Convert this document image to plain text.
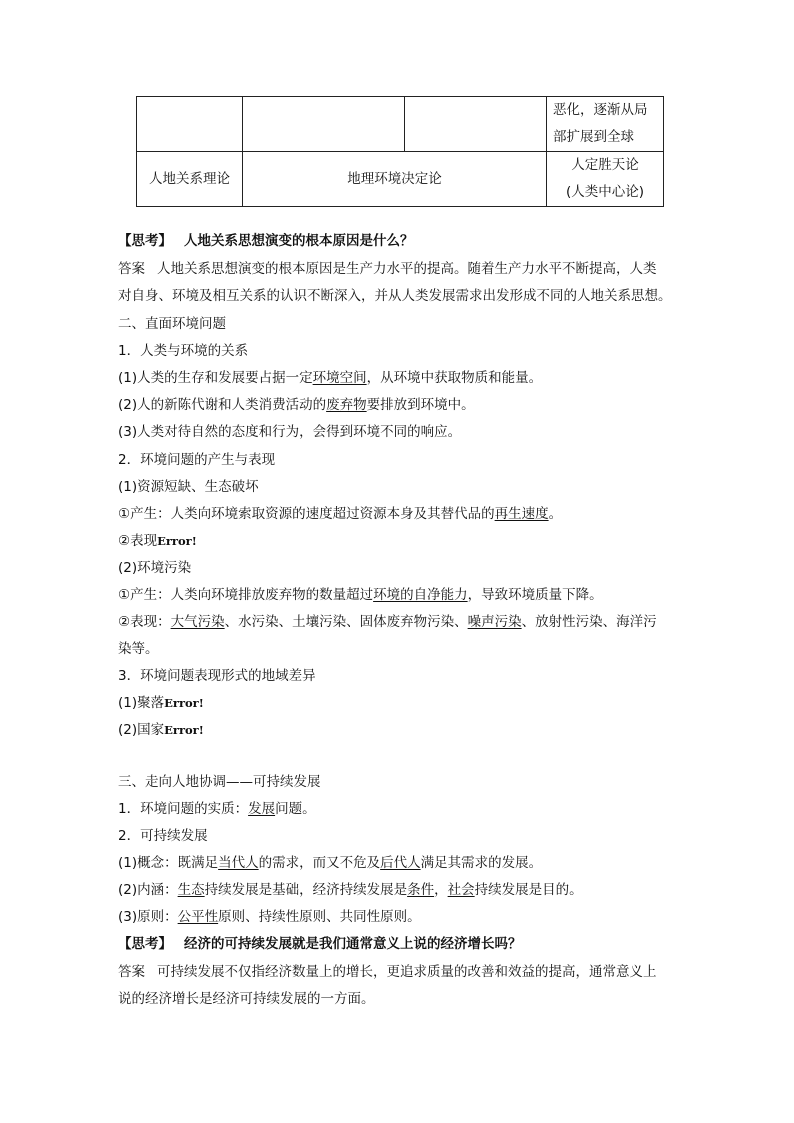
			恶化，逐渐从局
部扩展到全球

人地关系理论	地理环境决定论		人定胜天论
(人类中心论)
【思考】 人地关系思想演变的根本原因是什么？
答案 人地关系思想演变的根本原因是生产力水平的提高。随着生产力水平不断提高，人类
对自身、环境及相互关系的认识不断深入，并从人类发展需求出发形成不同的人地关系思想。
二、直面环境问题
1．人类与环境的关系
(1)人类的生存和发展要占据一定环境空间，从环境中获取物质和能量。
(2)人的新陈代谢和人类消费活动的废弃物要排放到环境中。
(3)人类对待自然的态度和行为，会得到环境不同的响应。
2．环境问题的产生与表现
(1)资源短缺、生态破坏
①产生：人类向环境索取资源的速度超过资源本身及其替代品的再生速度。
②表现Error!
(2)环境污染
①产生：人类向环境排放废弃物的数量超过环境的自净能力，导致环境质量下降。
②表现：大气污染、水污染、土壤污染、固体废弃物污染、噪声污染、放射性污染、海洋污
染等。
3．环境问题表现形式的地域差异
(1)聚落Error!
(2)国家Error!
三、走向人地协调——可持续发展
1．环境问题的实质：发展问题。
2．可持续发展
(1)概念：既满足当代人的需求，而又不危及后代人满足其需求的发展。
(2)内涵：生态持续发展是基础，经济持续发展是条件，社会持续发展是目的。
(3)原则：公平性原则、持续性原则、共同性原则。
【思考】 经济的可持续发展就是我们通常意义上说的经济增长吗？
答案 可持续发展不仅指经济数量上的增长，更追求质量的改善和效益的提高，通常意义上
说的经济增长是经济可持续发展的一方面。
